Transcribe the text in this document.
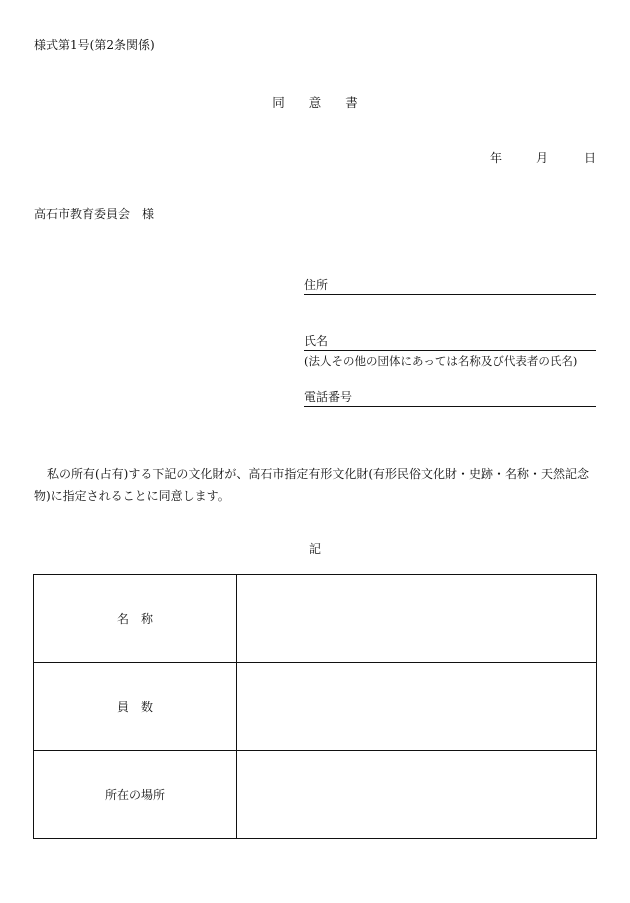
様式第1号(第2条関係)
同 意 書
年	月	日
高石市教育委員会　様
住所
氏名
(法人その他の団体にあっては名称及び代表者の氏名)
電話番号
私の所有(占有)する下記の文化財が、高石市指定有形文化財(有形民俗文化財・史跡・名称・天然記念物)に指定されることに同意します。
記
名　称	
員　数	
所在の場所	
